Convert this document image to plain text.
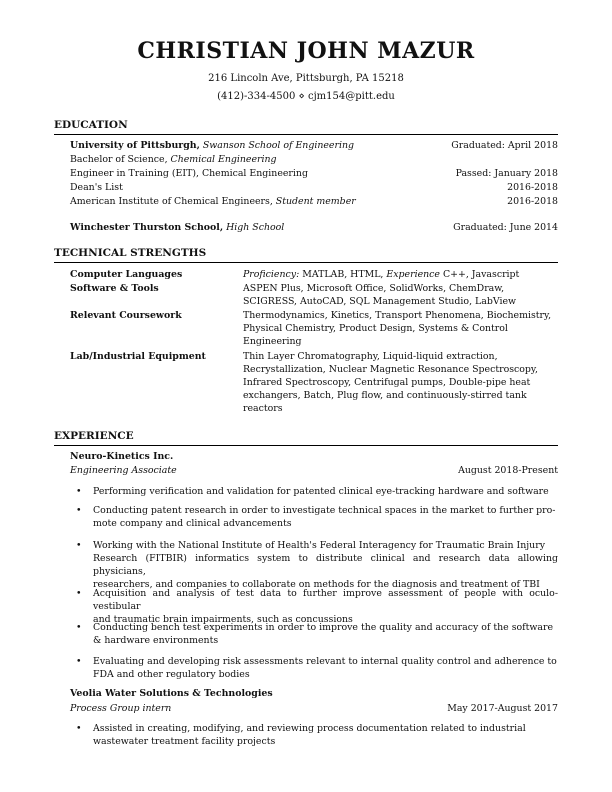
CHRISTIAN JOHN MAZUR
216 Lincoln Ave, Pittsburgh, PA 15218
(412)-334-4500 ⋄ cjm154@pitt.edu
EDUCATION
University of Pittsburgh, Swanson School of Engineering	Graduated: April 2018
Bachelor of Science, Chemical Engineering
Engineer in Training (EIT), Chemical Engineering	Passed: January 2018
Dean's List	2016-2018
American Institute of Chemical Engineers, Student member	2016-2018
Winchester Thurston School, High School	Graduated: June 2014
TECHNICAL STRENGTHS
Computer Languages	Proficiency: MATLAB, HTML, Experience C++, Javascript
Software & Tools	ASPEN Plus, Microsoft Office, SolidWorks, ChemDraw,
SCIGRESS, AutoCAD, SQL Management Studio, LabView
Relevant Coursework	Thermodynamics, Kinetics, Transport Phenomena, Biochemistry,
Physical Chemistry, Product Design, Systems & Control
Engineering
Lab/Industrial Equipment	Thin Layer Chromatography, Liquid-liquid extraction,
Recrystallization, Nuclear Magnetic Resonance Spectroscopy,
Infrared Spectroscopy, Centrifugal pumps, Double-pipe heat
exchangers, Batch, Plug flow, and continuously-stirred tank
reactors
EXPERIENCE
Neuro-Kinetics Inc.
Engineering Associate	August 2018-Present
•	Performing verification and validation for patented clinical eye-tracking hardware and software
•	Conducting patent research in order to investigate technical spaces in the market to further pro-
mote company and clinical advancements
•	Working with the National Institute of Health's Federal Interagency for Traumatic Brain Injury
Research (FITBIR) informatics system to distribute clinical and research data allowing physicians,
researchers, and companies to collaborate on methods for the diagnosis and treatment of TBI
•	Acquisition and analysis of test data to further improve assessment of people with oculo-vestibular
and traumatic brain impairments, such as concussions
•	Conducting bench test experiments in order to improve the quality and accuracy of the software
& hardware environments
•	Evaluating and developing risk assessments relevant to internal quality control and adherence to
FDA and other regulatory bodies
Veolia Water Solutions & Technologies
Process Group intern	May 2017-August 2017
•	Assisted in creating, modifying, and reviewing process documentation related to industrial
wastewater treatment facility projects
